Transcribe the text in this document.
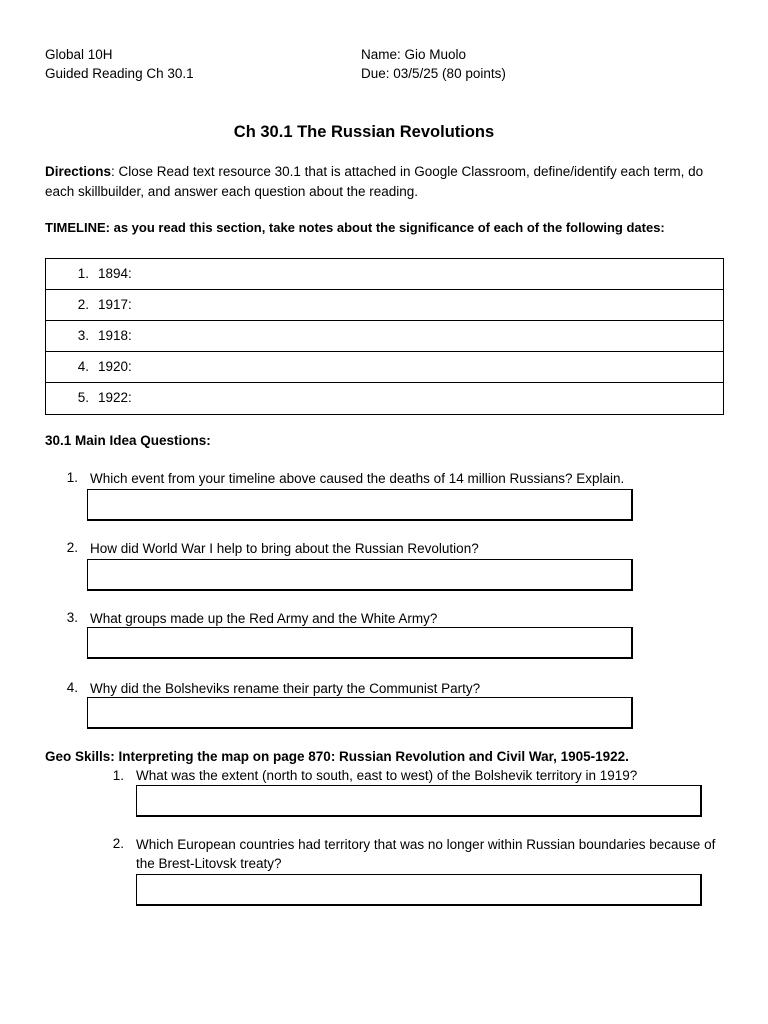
Global 10H
Guided Reading Ch 30.1
Name: Gio Muolo
Due: 03/5/25 (80 points)
Ch 30.1 The Russian Revolutions
Directions: Close Read text resource 30.1 that is attached in Google Classroom, define/identify each term, do each skillbuilder, and answer each question about the reading.
TIMELINE: as you read this section, take notes about the significance of each of the following dates:
1. 1894:
2. 1917:
3. 1918:
4. 1920:
5. 1922:
30.1 Main Idea Questions:
1. Which event from your timeline above caused the deaths of 14 million Russians? Explain.
2. How did World War I help to bring about the Russian Revolution?
3. What groups made up the Red Army and the White Army?
4. Why did the Bolsheviks rename their party the Communist Party?
Geo Skills: Interpreting the map on page 870: Russian Revolution and Civil War, 1905-1922.
1. What was the extent (north to south, east to west) of the Bolshevik territory in 1919?
2. Which European countries had territory that was no longer within Russian boundaries because of the Brest-Litovsk treaty?
